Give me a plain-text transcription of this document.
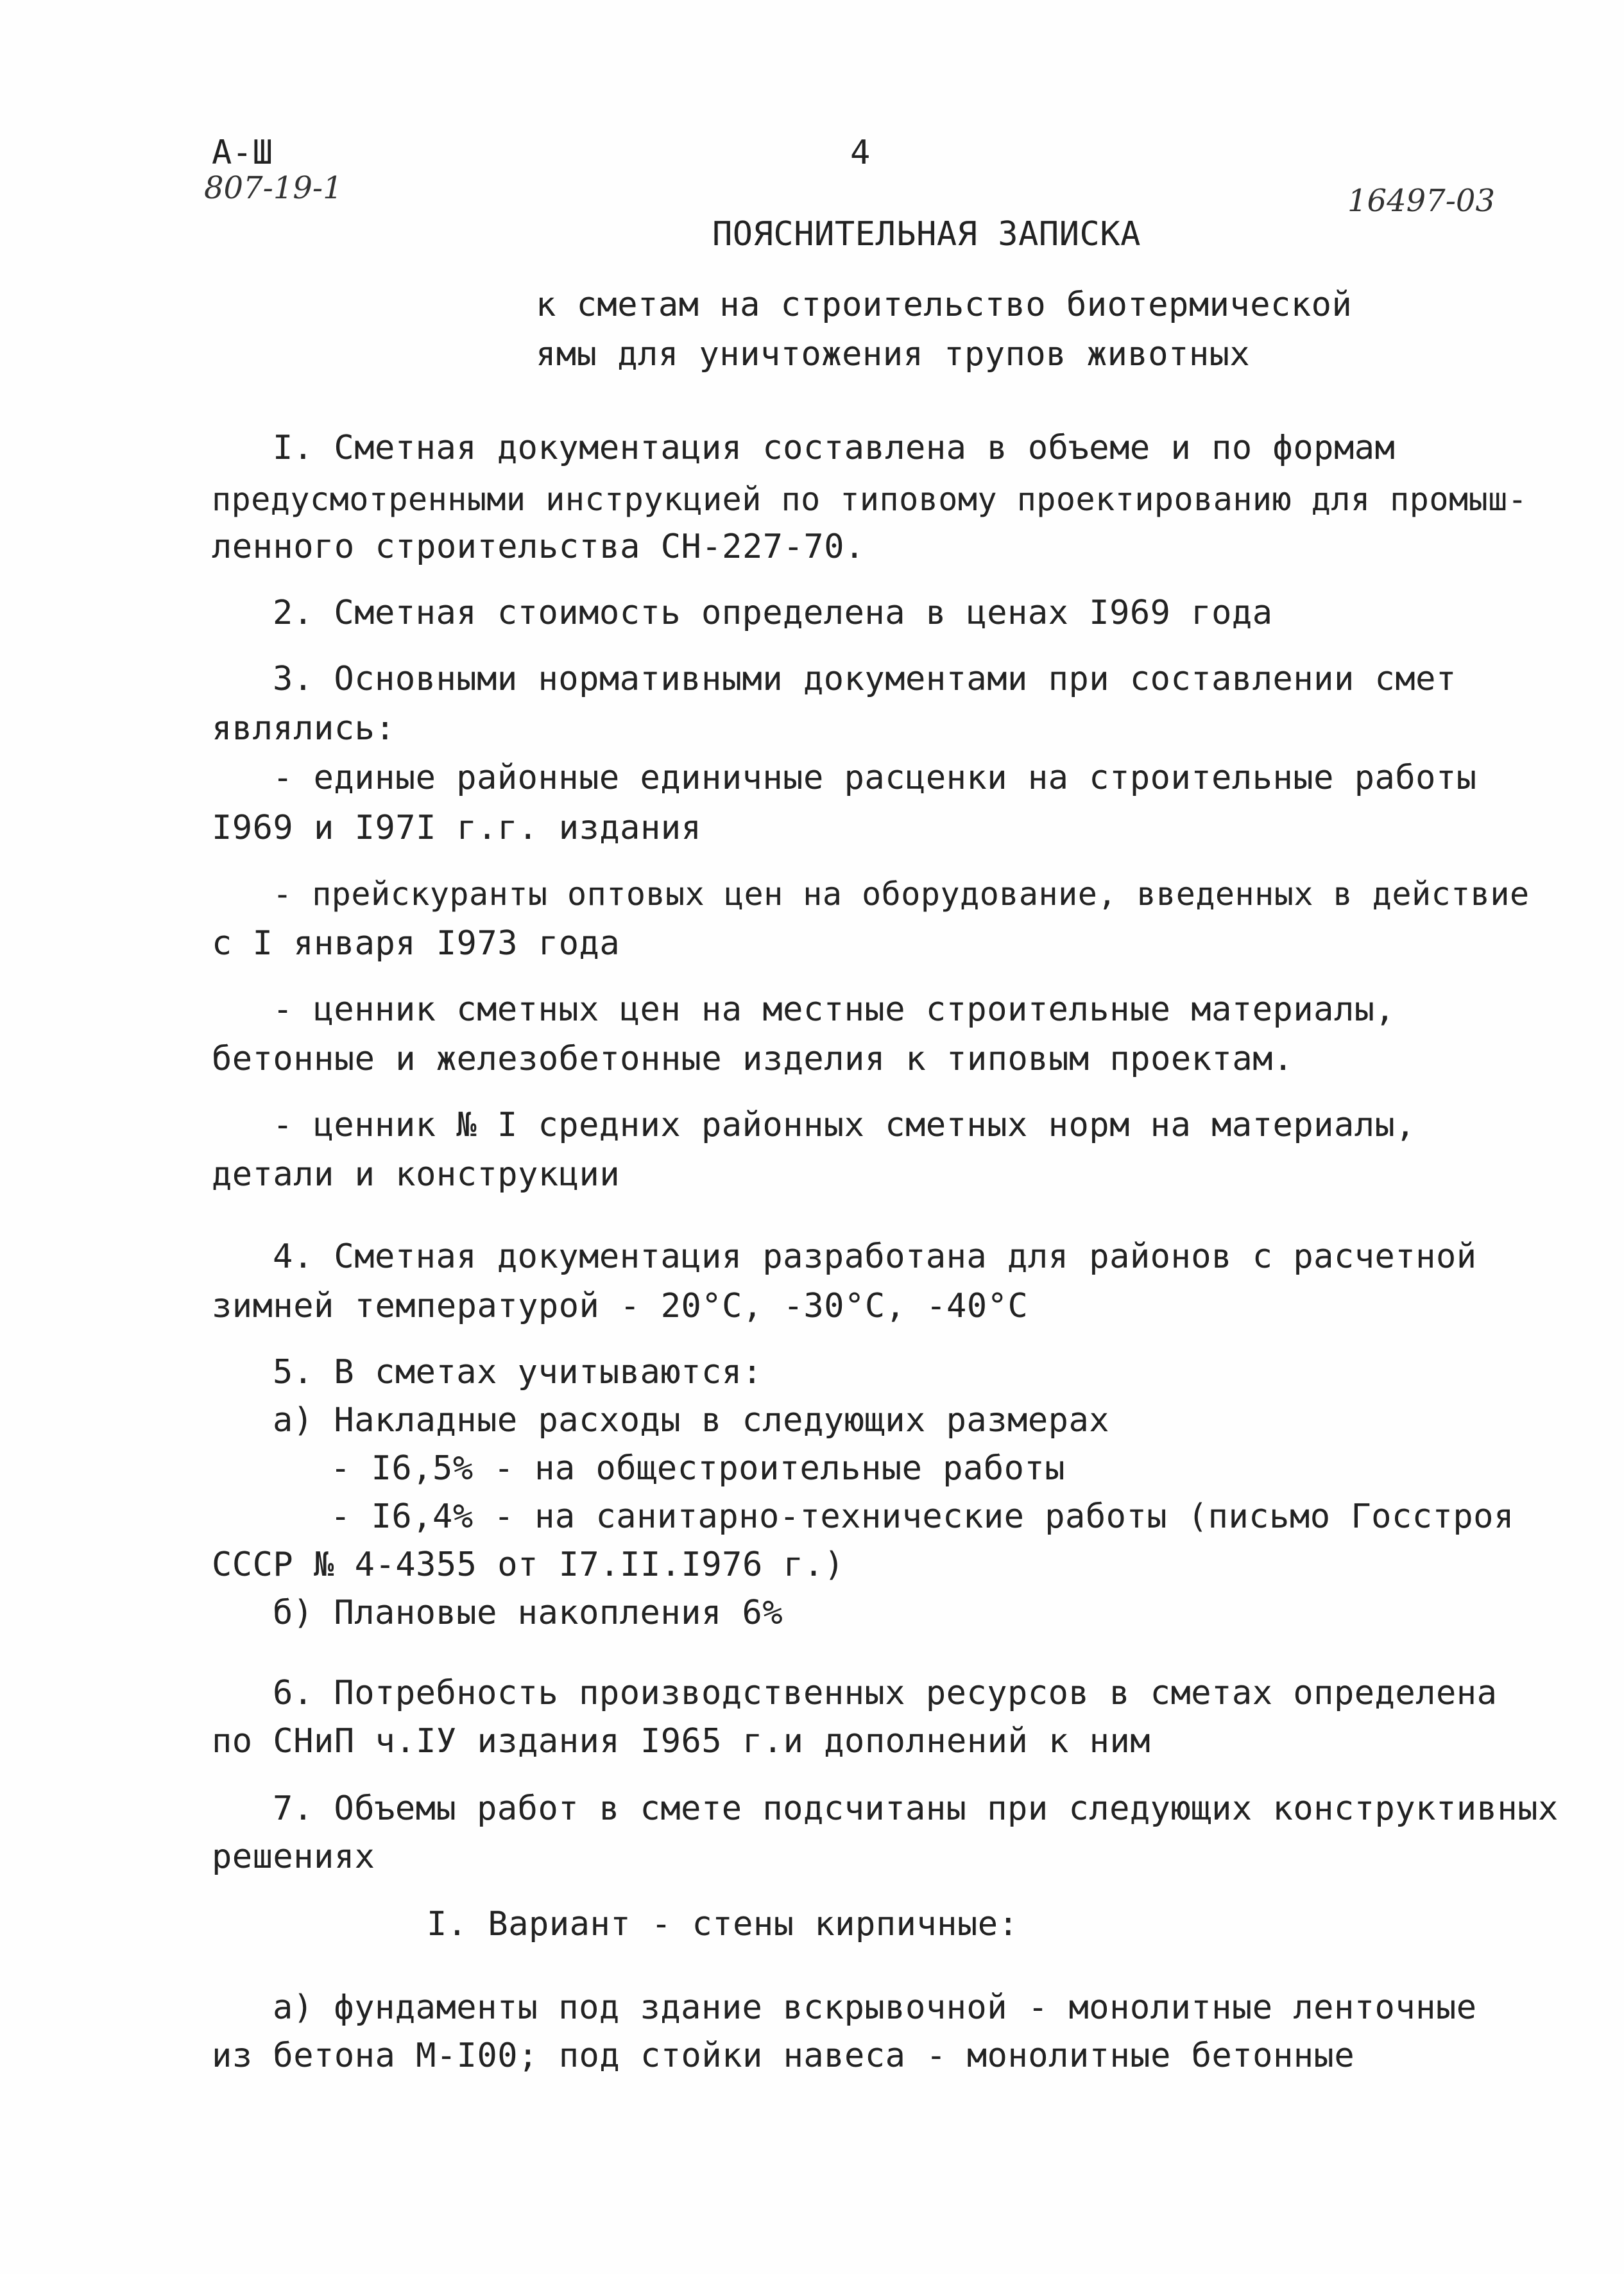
А-Ш
807-19-1
4
16497-03
ПОЯСНИТЕЛЬНАЯ ЗАПИСКА
к сметам на строительство биотермической
ямы для уничтожения трупов животных
I. Сметная документация составлена в объеме и по формам
предусмотренными инструкцией по типовому проектированию для промыш-
ленного строительства СН-227-70.
2. Сметная стоимость определена в ценах I969 года
3. Основными нормативными документами при составлении смет
являлись:
- единые районные единичные расценки на строительные работы
I969 и I97I г.г. издания
- прейскуранты оптовых цен на оборудование, введенных в действие
с I января I973 года
- ценник сметных цен на местные строительные материалы,
бетонные и железобетонные изделия к типовым проектам.
- ценник № I средних районных сметных норм на материалы,
детали и конструкции
4. Сметная документация разработана для районов с расчетной
зимней температурой - 20°С, -30°С, -40°С
5. В сметах учитываются:
а) Накладные расходы в следующих размерах
- I6,5% - на общестроительные работы
- I6,4% - на санитарно-технические работы (письмо Госстроя
СССР № 4-4355 от I7.II.I976 г.)
б) Плановые накопления 6%
6. Потребность производственных ресурсов в сметах определена
по СНиП ч.IУ издания I965 г.и дополнений к ним
7. Объемы работ в смете подсчитаны при следующих конструктивных
решениях
I. Вариант - стены кирпичные:
а) фундаменты под здание вскрывочной - монолитные ленточные
из бетона М-I00; под стойки навеса - монолитные бетонные
